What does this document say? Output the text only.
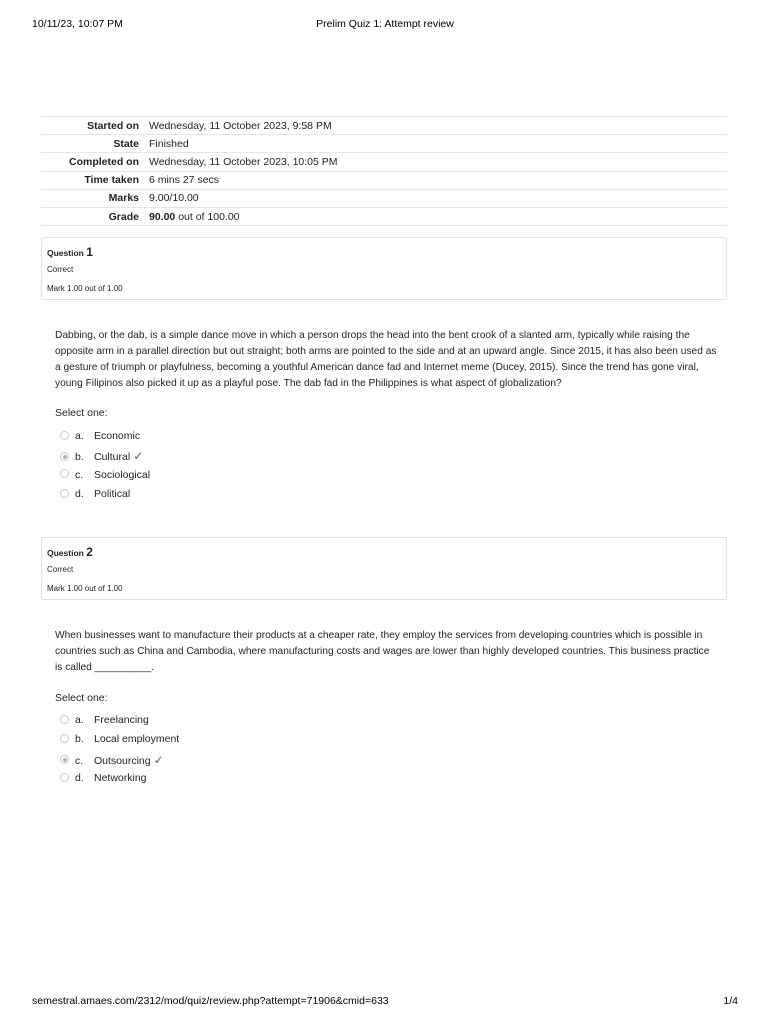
10/11/23, 10:07 PM	Prelim Quiz 1: Attempt review
Started on	Wednesday, 11 October 2023, 9:58 PM
State	Finished
Completed on	Wednesday, 11 October 2023, 10:05 PM
Time taken	6 mins 27 secs
Marks	9.00/10.00
Grade	90.00 out of 100.00
Question 1
Correct
Mark 1.00 out of 1.00

Dabbing, or the dab, is a simple dance move in which a person drops the head into the bent crook of a slanted arm, typically while raising the opposite arm in a parallel direction but out straight; both arms are pointed to the side and at an upward angle. Since 2015, it has also been used as a gesture of triumph or playfulness, becoming a youthful American dance fad and Internet meme (Ducey, 2015). Since the trend has gone viral, young Filipinos also picked it up as a playful pose. The dab fad in the Philippines is what aspect of globalization?

Select one:
a. Economic
b. Cultural ✓
c. Sociological
d. Political
Question 2
Correct
Mark 1.00 out of 1.00

When businesses want to manufacture their products at a cheaper rate, they employ the services from developing countries which is possible in countries such as China and Cambodia, where manufacturing costs and wages are lower than highly developed countries. This business practice is called __________.

Select one:
a. Freelancing
b. Local employment
c. Outsourcing ✓
d. Networking
semestral.amaes.com/2312/mod/quiz/review.php?attempt=71906&cmid=633	1/4
